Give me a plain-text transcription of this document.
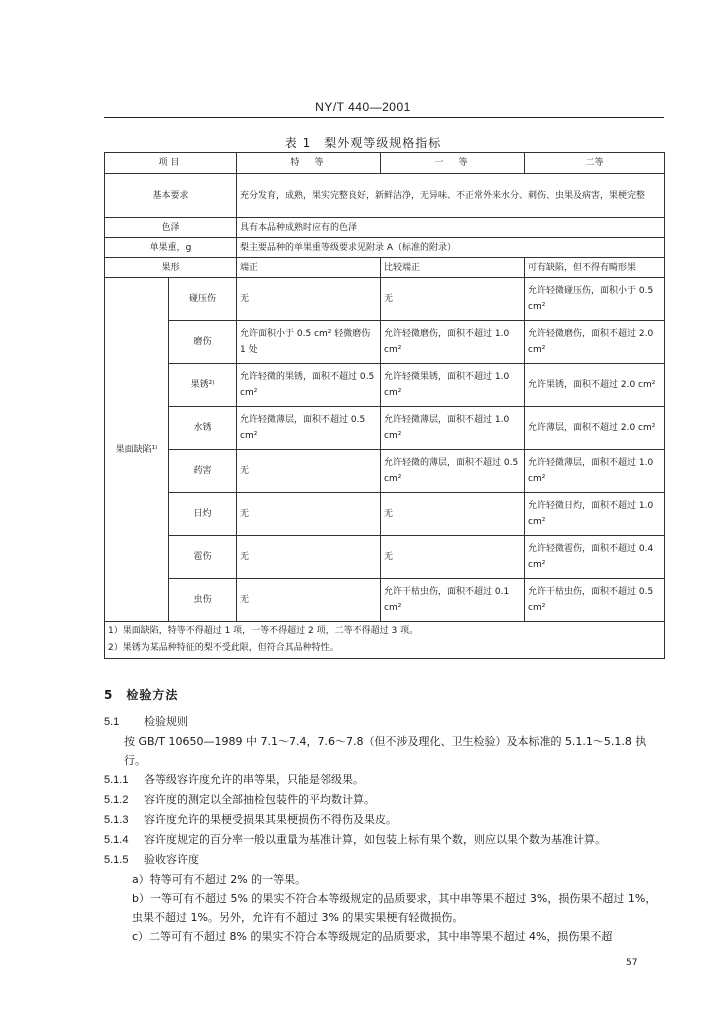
NY/T 440—2001
表 1　梨外观等级规格指标
项目		特　等	一　等	二等
基本要求		充分发育，成熟，果实完整良好，新鲜洁净，无异味、不正常外来水分、刺伤、虫果及病害，果梗完整		
色泽		具有本品种成熟时应有的色泽		
单果重，g		梨主要品种的单果重等级要求见附录 A（标准的附录）		
果形		端正	比较端正	可有缺陷，但不得有畸形果
果面缺陷¹⁾	碰压伤	无	无	允许轻微碰压伤，面积小于 0.5 cm²
	磨伤	允许面积小于 0.5 cm² 轻微磨伤 1 处	允许轻微磨伤，面积不超过 1.0 cm²	允许轻微磨伤，面积不超过 2.0 cm²
	果锈²⁾	允许轻微的果锈，面积不超过 0.5 cm²	允许轻微果锈，面积不超过 1.0 cm²	允许果锈，面积不超过 2.0 cm²
	水锈	允许轻微薄层，面积不超过 0.5 cm²	允许轻微薄层，面积不超过 1.0 cm²	允许薄层，面积不超过 2.0 cm²
	药害	无	允许轻微的薄层，面积不超过 0.5 cm²	允许轻微薄层，面积不超过 1.0 cm²
	日灼	无	无	允许轻微日灼，面积不超过 1.0 cm²
	雹伤	无	无	允许轻微雹伤，面积不超过 0.4 cm²
	虫伤	无	允许干枯虫伤，面积不超过 0.1 cm²	允许干枯虫伤，面积不超过 0.5 cm²

1）果面缺陷，特等不得超过 1 项，一等不得超过 2 项，二等不得超过 3 项。
2）果锈为某品种特征的梨不受此限，但符合其品种特性。				
5　检验方法
5.1 检验规则
按 GB/T 10650—1989 中 7.1～7.4，7.6～7.8（但不涉及理化、卫生检验）及本标准的 5.1.1～5.1.8 执行。
5.1.1 各等级容许度允许的串等果，只能是邻级果。
5.1.2 容许度的测定以全部抽检包装件的平均数计算。
5.1.3 容许度允许的果梗受损果其果梗损伤不得伤及果皮。
5.1.4 容许度规定的百分率一般以重量为基准计算，如包装上标有果个数，则应以果个数为基准计算。
5.1.5 验收容许度
a）特等可有不超过 2% 的一等果。
b）一等可有不超过 5% 的果实不符合本等级规定的品质要求，其中串等果不超过 3%，损伤果不超过 1%，虫果不超过 1%。另外，允许有不超过 3% 的果实果梗有轻微损伤。
c）二等可有不超过 8% 的果实不符合本等级规定的品质要求，其中串等果不超过 4%，损伤果不超
57
